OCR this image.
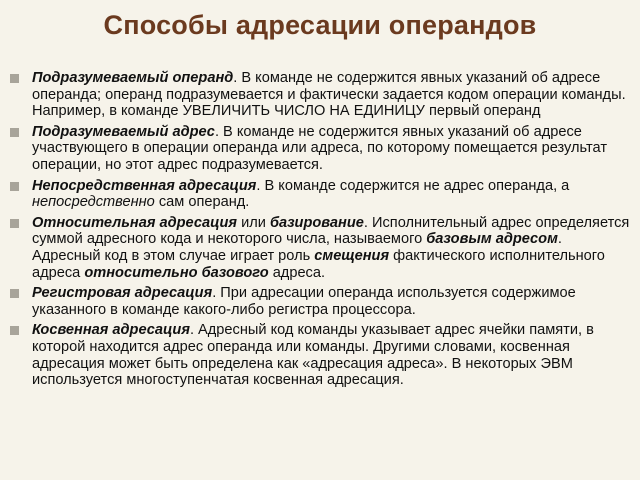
Способы адресации операндов
Подразумеваемый операнд. В команде не содержится явных указаний об адресе операнда; операнд подразумевается и фактически задается кодом операции команды. Например, в команде УВЕЛИЧИТЬ ЧИСЛО НА ЕДИНИЦУ первый операнд
Подразумеваемый адрес. В команде не содержится явных указаний об адресе участвующего в операции операнда или адреса, по которому помещается результат операции, но этот адрес подразумевается.
Непосредственная адресация. В команде содержится не адрес операнда, а непосредственно сам операнд.
Относительная адресация или базирование. Исполнительный адрес определяется суммой адресного кода и некоторого числа, называемого базовым адресом. Адресный код в этом случае играет роль смещения фактического исполнительного адреса относительно базового адреса.
Регистровая адресация. При адресации операнда используется содержимое указанного в команде какого-либо регистра процессора.
Косвенная адресация. Адресный код команды указывает адрес ячейки памяти, в которой находится адрес операнда или команды. Другими словами, косвенная адресация может быть определена как «адресация адреса». В некоторых ЭВМ используется многоступенчатая косвенная адресация.
